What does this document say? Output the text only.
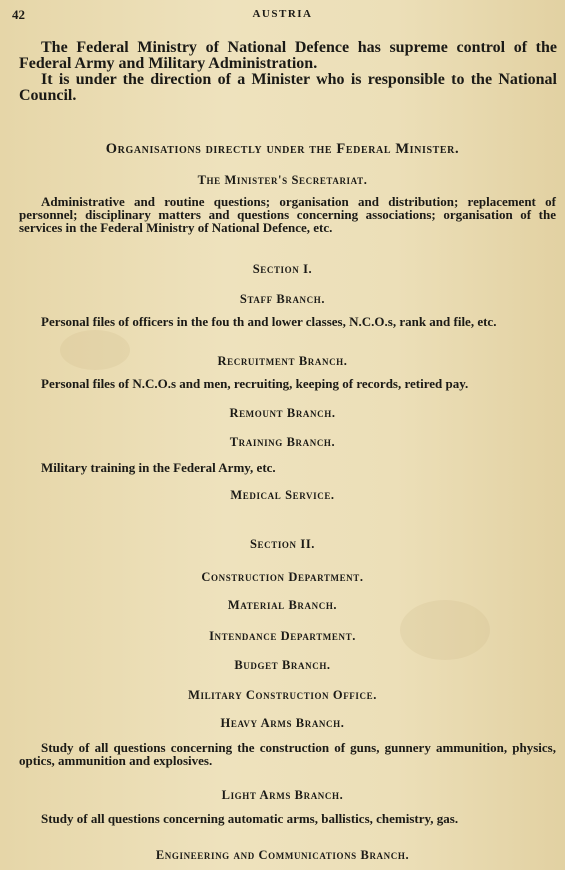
42	AUSTRIA

The Federal Ministry of National Defence has supreme control of the Federal Army and Military Administration.

It is under the direction of a Minister who is responsible to the National Council.

Organisations directly under the Federal Minister.
The Minister's Secretariat.

Administrative and routine questions; organisation and distribution; replacement of personnel; disciplinary matters and questions concerning associations; organisation of the services in the Federal Ministry of National Defence, etc.

Section I.
Staff Branch.

Personal files of officers in the fou th and lower classes, N.C.O.s, rank and file, etc.

Recruitment Branch.

Personal files of N.C.O.s and men, recruiting, keeping of records, retired pay.

Remount Branch.
Training Branch.

Military training in the Federal Army, etc.

Medical Service.
Section II.
Construction Department.
Material Branch.
Intendance Department.
Budget Branch.
Military Construction Office.
Heavy Arms Branch.

Study of all questions concerning the construction of guns, gunnery ammunition, physics, optics, ammunition and explosives.

Light Arms Branch.

Study of all questions concerning automatic arms, ballistics, chemistry, gas.

Engineering and Communications Branch.
